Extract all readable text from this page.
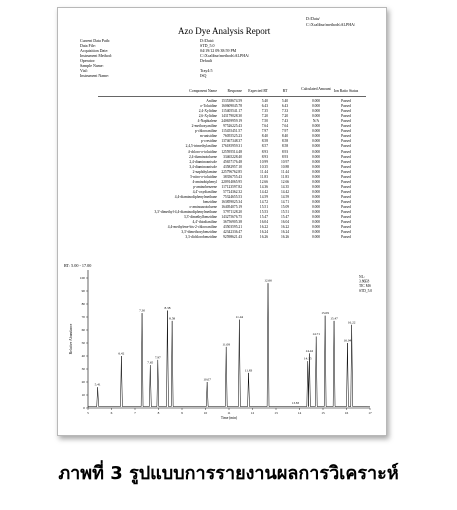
Azo Dye Analysis Report
D:/Data/
C:\Xcalibur\methods\ALPHA\
Current Data Path:	D:\Data\
Data File:	STD_5.0
Acquisition Date:	04/19/12 09:38:59 PM
Instrument Method:	C:\Xcalibur\methods\ALPHA\
Operator:	Default
Sample Name:
Vial:	Tray4:5
Instrument Name:	ISQ
Component Name	Response Expected RT	RT	Calculated Amount Ion Ratio Status
Aniline 153538674.59	5.40	5.40	0.000	Passed
o-Toluidine 160609045.78	6.43	6.43	0.000	Passed
2,4-Xylidine 115405541.17	7.35	7.33	0.000	Passed
2,6-Xylidine 143179028.30	7.20	7.20	0.000	Passed
4-Naphtalene 240659959.19	7.50	7.43	N/A	Passed
2-methoxyaniline 97526225.43	7.64	7.64	0.000	Passed
p-chloroaniline 115455451.57	7.97	7.97	0.000	Passed
m-anisidine 76055525.23	8.40	8.40	0.000	Passed
p-cresidine 137467348.37	8.58	8.58	0.000	Passed
2,4,5-trimethylaniline 176185959.31	8.57	8.58	0.000	Passed
4-chloro-o-toluidine 125595514.48	8.93	8.93	0.000	Passed
2,4-diaminotoluene 33465228.40	8.93	8.93	0.000	Passed
2,4-diaminoanisole 45657176.48	10.99	10.97	0.000	Passed
3,4-diaminoanisole 43582957.10	10.35	10.88	0.000	Passed
2-naphthylamine 225796762.85	11.44	11.44	0.000	Passed
5-nitro-o-toluidine 38356755.43	11.83	11.83	0.000	Passed
4-aminobiphenyl 220914065.95	12.66	12.66	0.000	Passed
p-aminobenzene 117123597.82	14.36	14.35	0.000	Passed
4,4'-oxydianiline 57724362.32	14.42	14.42	0.000	Passed
4,4-diaminodiphenylmethane 75324655.53	14.59	14.59	0.000	Passed
benzidine 163859025.34	14.72	14.71	0.000	Passed
o-aminoazotoluene 164054075.19	15.51	15.09	0.000	Passed
3,3'-dimethyl-4,4-diaminodiphenylmethane 57971128.20	15.53	15.51	0.000	Passed
3,3'-dimethylbenzidine 143275676.75	15.47	15.47	0.000	Passed
4,4'-thiodianiline 36756905.38	16.04	16.04	0.000	Passed
4,4-methylene-bis-2-chloroaniline 43503595.21	16.22	16.22	0.000	Passed
3,3'-dimethoxybenzidine 42342336.47	16.24	16.24	0.000	Passed
3,3-dichlorobenzidine 92598621.43	16.26	16.26	0.000	Passed
RT: 5.00 - 17.00
NL:
3.86E8
TIC MS
STD_5.0
0
10
20
30
40
50
60
70
80
90
100
5	6	7	8	9	10	11	12	13	14	15	16	17
Time (min)
Relative Abundance
5.41
6.42
7.30
7.65
7.97
8.38
8.58
10.07
11.08
11.44
11.83
12.66
14.35
14.42
14.71
15.09
15.47
16.04
16.22
13.83
ภาพที่ 3 รูปแบบการรายงานผลการวิเคราะห์
